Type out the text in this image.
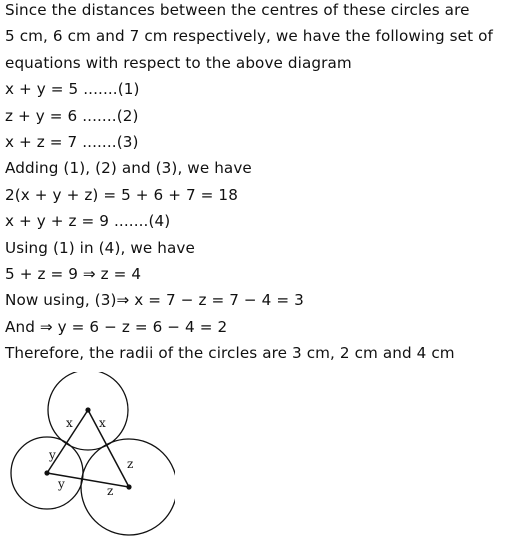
Since the distances between the centres of these circles are
5 cm, 6 cm and 7 cm respectively, we have the following set of
equations with respect to the above diagram
x + y = 5 .......(1)
z + y = 6 .......(2)
x + z = 7 .......(3)
Adding (1), (2) and (3), we have
2(x + y + z) = 5 + 6 + 7 = 18
x + y + z = 9 .......(4)
Using (1) in (4), we have
5 + z = 9 ⇒ z = 4
Now using, (3)⇒ x = 7 − z = 7 − 4 = 3
And ⇒ y = 6 − z = 6 − 4 = 2
Therefore, the radii of the circles are 3 cm, 2 cm and 4 cm
x x
y
y
z
z
